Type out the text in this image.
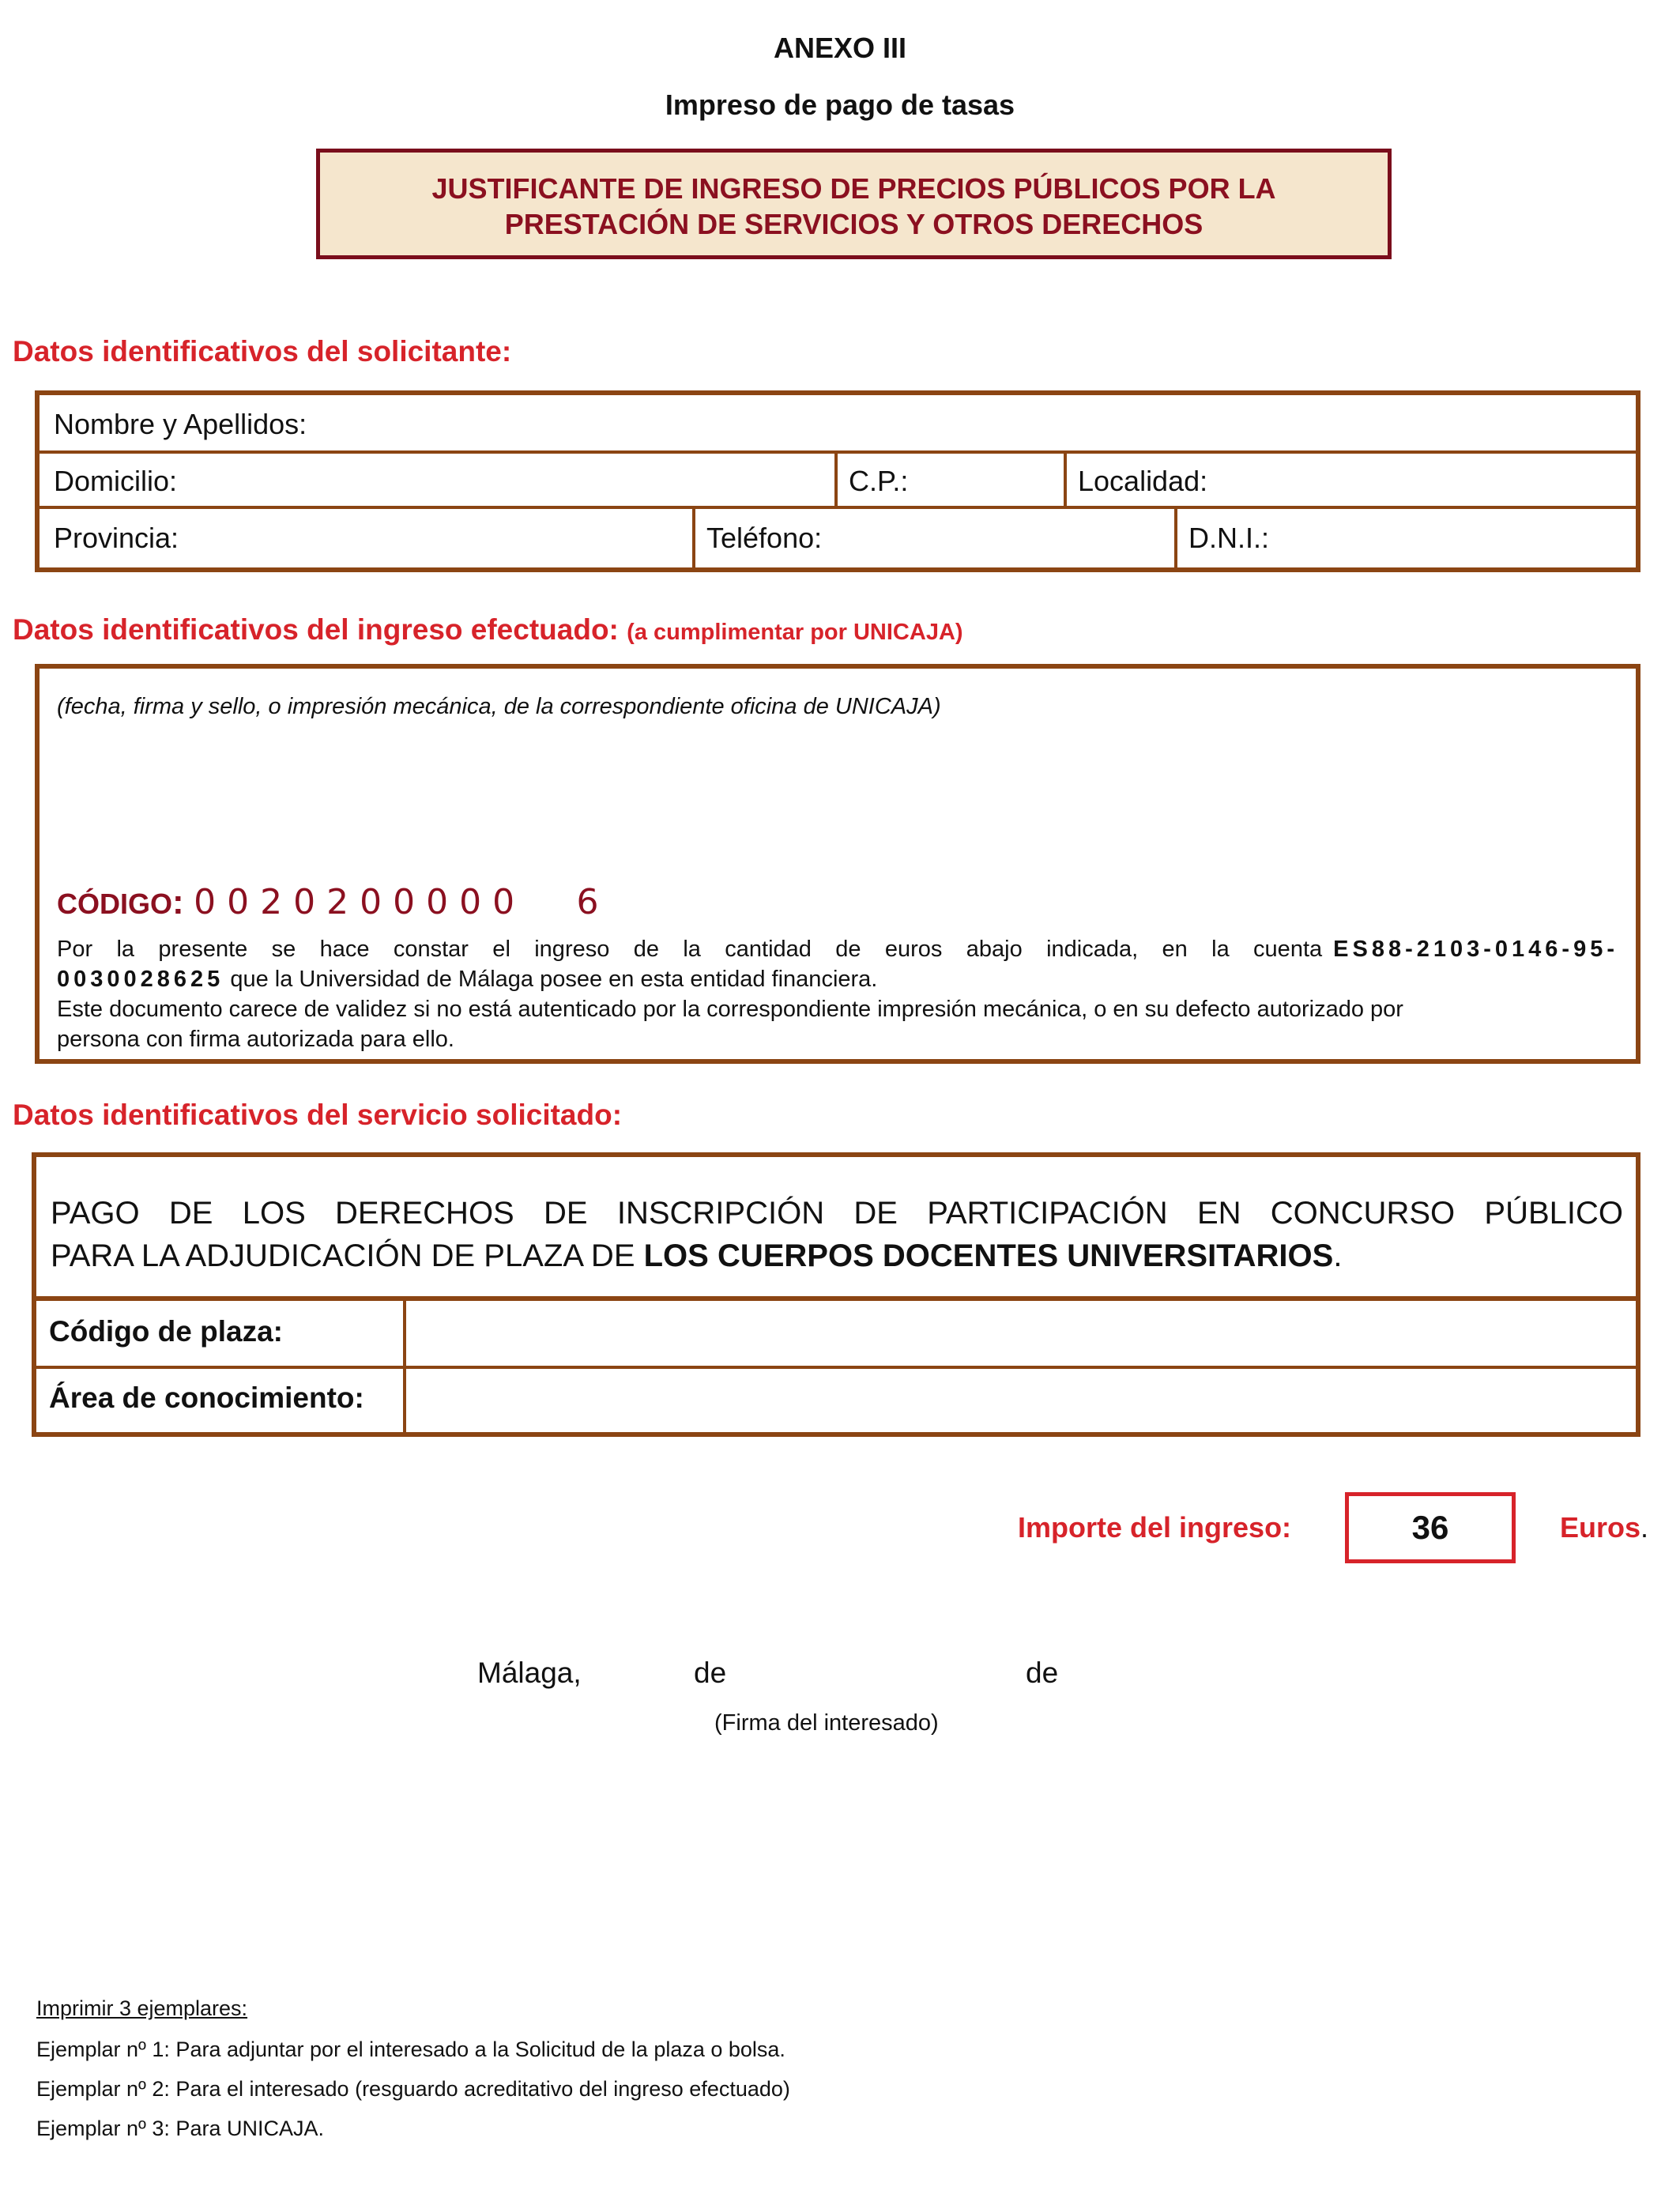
ANEXO III
Impreso de pago de tasas
JUSTIFICANTE DE INGRESO DE PRECIOS PÚBLICOS POR LA
PRESTACIÓN DE SERVICIOS Y OTROS DERECHOS
Datos identificativos del solicitante:
Nombre y Apellidos:
Domicilio:	C.P.:	Localidad:
Provincia:	Teléfono:	D.N.I.:
Datos identificativos del ingreso efectuado: (a cumplimentar por UNICAJA)
(fecha, firma y sello, o impresión mecánica, de la correspondiente oficina de UNICAJA)
CÓDIGO: 0020200000 6
Por la presente se hace constar el ingreso de la cantidad de euros abajo indicada, en la cuenta ES88-2103-0146-95-
0030028625 que la Universidad de Málaga posee en esta entidad financiera.
Este documento carece de validez si no está autenticado por la correspondiente impresión mecánica, o en su defecto autorizado por
persona con firma autorizada para ello.
Datos identificativos del servicio solicitado:
PAGO DE LOS DERECHOS DE INSCRIPCIÓN DE PARTICIPACIÓN EN CONCURSO PÚBLICO
PARA LA ADJUDICACIÓN DE PLAZA DE LOS CUERPOS DOCENTES UNIVERSITARIOS.
Código de plaza:
Área de conocimiento:
Importe del ingreso:	36	Euros.
Málaga,	de	de
(Firma del interesado)
Imprimir 3 ejemplares:
Ejemplar nº 1: Para adjuntar por el interesado a la Solicitud de la plaza o bolsa.
Ejemplar nº 2: Para el interesado (resguardo acreditativo del ingreso efectuado)
Ejemplar nº 3: Para UNICAJA.
